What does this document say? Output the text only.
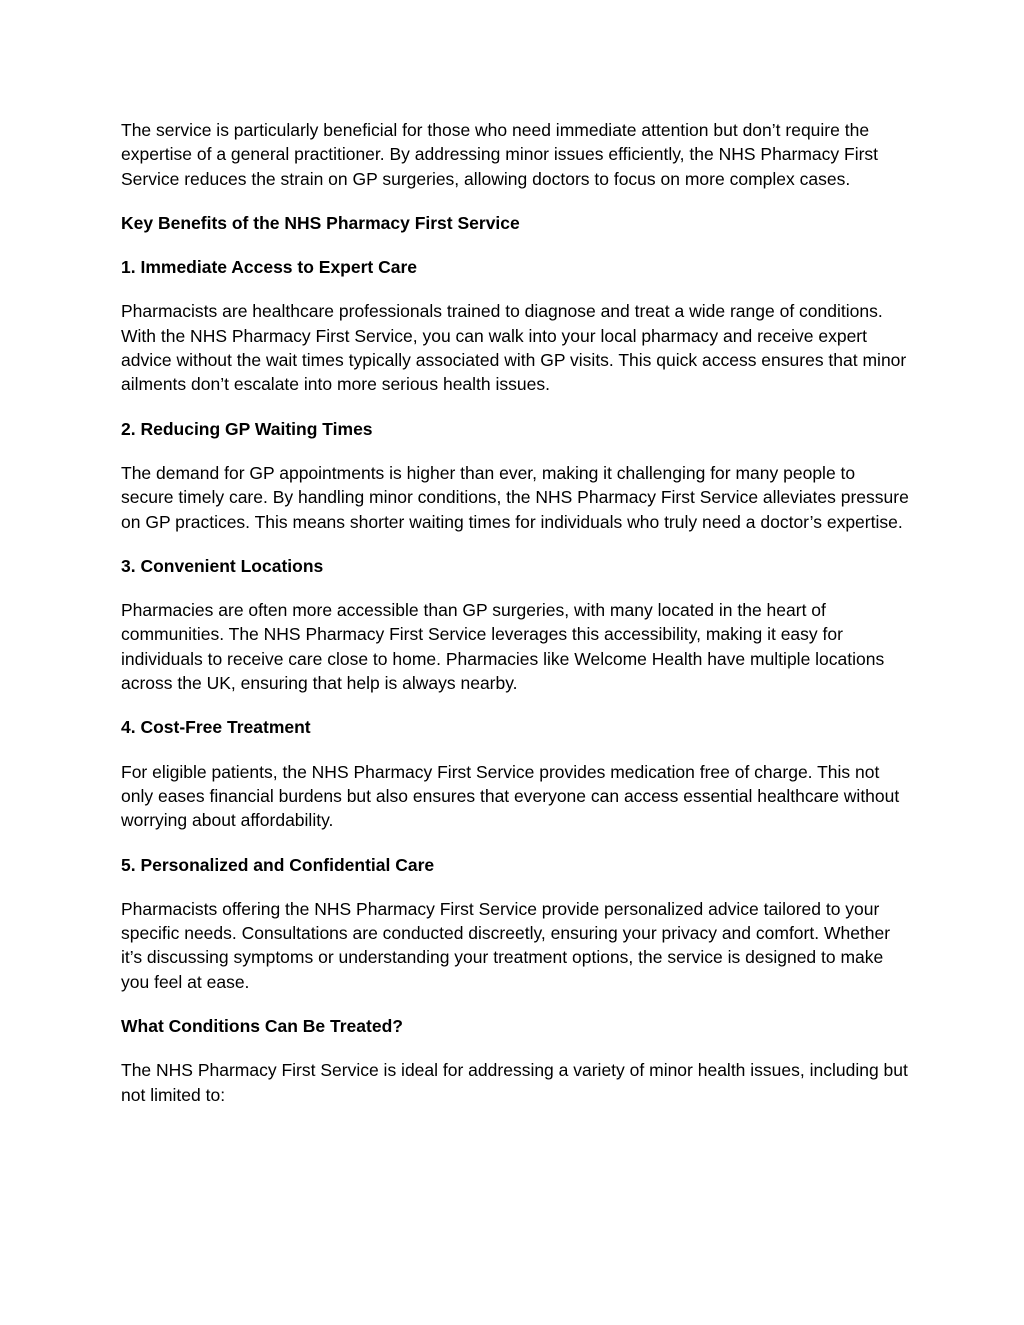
The service is particularly beneficial for those who need immediate attention but don’t require the expertise of a general practitioner. By addressing minor issues efficiently, the NHS Pharmacy First Service reduces the strain on GP surgeries, allowing doctors to focus on more complex cases.

Key Benefits of the NHS Pharmacy First Service

1. Immediate Access to Expert Care

Pharmacists are healthcare professionals trained to diagnose and treat a wide range of conditions. With the NHS Pharmacy First Service, you can walk into your local pharmacy and receive expert advice without the wait times typically associated with GP visits. This quick access ensures that minor ailments don’t escalate into more serious health issues.

2. Reducing GP Waiting Times

The demand for GP appointments is higher than ever, making it challenging for many people to secure timely care. By handling minor conditions, the NHS Pharmacy First Service alleviates pressure on GP practices. This means shorter waiting times for individuals who truly need a doctor’s expertise.

3. Convenient Locations

Pharmacies are often more accessible than GP surgeries, with many located in the heart of communities. The NHS Pharmacy First Service leverages this accessibility, making it easy for individuals to receive care close to home. Pharmacies like Welcome Health have multiple locations across the UK, ensuring that help is always nearby.

4. Cost-Free Treatment

For eligible patients, the NHS Pharmacy First Service provides medication free of charge. This not only eases financial burdens but also ensures that everyone can access essential healthcare without worrying about affordability.

5. Personalized and Confidential Care

Pharmacists offering the NHS Pharmacy First Service provide personalized advice tailored to your specific needs. Consultations are conducted discreetly, ensuring your privacy and comfort. Whether it’s discussing symptoms or understanding your treatment options, the service is designed to make you feel at ease.

What Conditions Can Be Treated?

The NHS Pharmacy First Service is ideal for addressing a variety of minor health issues, including but not limited to:
